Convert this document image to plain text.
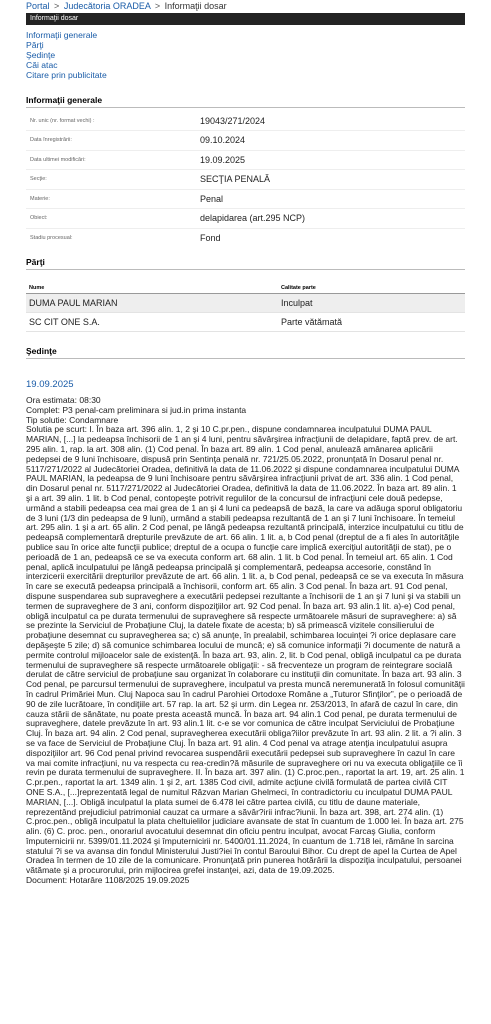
Portal > Judecătoria ORADEA > Informaţii dosar
Informaţii dosar
Informaţii generale
Părţi
Şedinţe
Căi atac
Citare prin publicitate
Informaţii generale
Nr. unic (nr. format vechi) :	19043/271/2024
Data înregistrării:	09.10.2024
Data ultimei modificări:	19.09.2025
Secţie:	SECŢIA PENALĂ
Materie:	Penal
Obiect:	delapidarea (art.295 NCP)
Stadiu procesual:	Fond
Părţi
Nume	Calitate parte
DUMA PAUL MARIAN	Inculpat
SC CIT ONE S.A.	Parte vătămată
Şedinţe
19.09.2025
Ora estimata: 08:30
Complet: P3 penal-cam preliminara si jud.in prima instanta
Tip solutie: Condamnare
Solutia pe scurt: I. În baza art. 396 alin. 1, 2 şi 10 C.pr.pen., dispune condamnarea inculpatului DUMA PAUL MARIAN, [...] la pedeapsa închisorii de 1 an şi 4 luni, pentru săvârşirea infracţiunii de delapidare, faptă prev. de art. 295 alin. 1, rap. la art. 308 alin. (1) Cod penal. În baza art. 89 alin. 1 Cod penal, anulează amânarea aplicării pedepsei de 9 luni închisoare, dispusă prin Sentinţa penală nr. 721/25.05.2022, pronunţată în Dosarul penal nr. 5117/271/2022 al Judecătoriei Oradea, definitivă la data de 11.06.2022 şi dispune condamnarea inculpatului DUMA PAUL MARIAN, la pedeapsa de 9 luni închisoare pentru săvârşirea infracţiunii privat de art. 336 alin. 1 Cod penal, din Dosarul penal nr. 5117/271/2022 al Judecătoriei Oradea, definitivă la data de 11.06.2022. În baza art. 89 alin. 1 şi a art. 39 alin. 1 lit. b Cod penal, contopeşte potrivit regulilor de la concursul de infracţiuni cele două pedepse, urmând a stabili pedeapsa cea mai grea de 1 an şi 4 luni ca pedeapsă de bază, la care va adăuga sporul obligatoriu de 3 luni (1/3 din pedeapsa de 9 luni), urmând a stabili pedeapsa rezultantă de 1 an şi 7 luni închisoare. În temeiul art. 295 alin. 1 şi a art. 65 alin. 2 Cod penal, pe lângă pedeapsa rezultantă principală, interzice inculpatului cu titlu de pedeapsă complementară drepturile prevăzute de art. 66 alin. 1 lit. a, b Cod penal (dreptul de a fi ales în autorităţile publice sau în orice alte funcţii publice; dreptul de a ocupa o funcţie care implică exerciţiul autorităţii de stat), pe o perioadă de 1 an, pedeapsă ce se va executa conform art. 68 alin. 1 lit. b Cod penal. În temeiul art. 65 alin. 1 Cod penal, aplică inculpatului pe lângă pedeapsa principală şi complementară, pedeapsa accesorie, constând în interzicerii exercitării drepturilor prevăzute de art. 66 alin. 1 lit. a, b Cod penal, pedeapsă ce se va executa în măsura în care se execută pedeapsa principală a închisorii, conform art. 65 alin. 3 Cod penal. În baza art. 91 Cod penal, dispune suspendarea sub supraveghere a executării pedepsei rezultante a închisorii de 1 an şi 7 luni şi va stabili un termen de supraveghere de 3 ani, conform dispoziţiilor art. 92 Cod penal. În baza art. 93 alin.1 lit. a)-e) Cod penal, obligă inculpatul ca pe durata termenului de supraveghere să respecte următoarele măsuri de supraveghere: a) să se prezinte la Serviciul de Probaţiune Cluj, la datele fixate de acesta; b) să primească vizitele consilierului de probaţiune desemnat cu supravegherea sa; c) să anunţe, în prealabil, schimbarea locuinţei ?i orice deplasare care depăşeşte 5 zile; d) să comunice schimbarea locului de muncă; e) să comunice informaţii ?i documente de natură a permite controlul mijloacelor sale de existenţă. În baza art. 93, alin. 2, lit. b Cod penal, obligă inculpatul ca pe durata termenului de supraveghere să respecte următoarele obligaţii: - să frecventeze un program de reintegrare socială derulat de către serviciul de probaţiune sau organizat în colaborare cu instituţii din comunitate. În baza art. 93 alin. 3 Cod penal, pe parcursul termenului de supraveghere, inculpatul va presta muncă neremunerată în folosul comunităţii în cadrul Primăriei Mun. Cluj Napoca sau în cadrul Parohiei Ortodoxe Române a „Tuturor Sfinţilor”, pe o perioadă de 90 de zile lucrătoare, în condiţiile art. 57 rap. la art. 52 şi urm. din Legea nr. 253/2013, în afară de cazul în care, din cauza stării de sănătate, nu poate presta această muncă. În baza art. 94 alin.1 Cod penal, pe durata termenului de supraveghere, datele prevăzute în art. 93 alin.1 lit. c-e se vor comunica de către inculpat Serviciului de Probaţiune Cluj. În baza art. 94 alin. 2 Cod penal, supravegherea executării obliga?iilor prevăzute în art. 93 alin. 2 lit. a ?i alin. 3 se va face de Serviciul de Probaţiune Cluj. În baza art. 91 alin. 4 Cod penal va atrage atenţia inculpatului asupra dispoziţiilor art. 96 Cod penal privind revocarea suspendării executării pedepsei sub supraveghere în cazul în care va mai comite infracţiuni, nu va respecta cu rea-credin?ă măsurile de supraveghere ori nu va executa obligaţiile ce îi revin pe durata termenului de supraveghere. II. În baza art. 397 alin. (1) C.proc.pen., raportat la art. 19, art. 25 alin. 1 C.pr.pen., raportat la art. 1349 alin. 1 şi 2, art. 1385 Cod civil, admite acţiune civilă formulată de partea civilă CIT ONE S.A., [...]reprezentată legal de numitul Răzvan Marian Ghelmeci, în contradictoriu cu inculpatul DUMA PAUL MARIAN, [...]. Obligă inculpatul la plata sumei de 6.478 lei către partea civilă, cu titlu de daune materiale, reprezentând prejudiciul patrimonial cauzat ca urmare a săvâr?irii infrac?iunii. În baza art. 398, art. 274 alin. (1) C.proc.pen., obligă inculpatul la plata cheltuielilor judiciare avansate de stat în cuantum de 1.000 lei. În baza art. 275 alin. (6) C. proc. pen., onorariul avocatului desemnat din oficiu pentru inculpat, avocat Farcaş Giulia, conform împuternicirii nr. 5399/01.11.2024 şi împuternicirii nr. 5400/01.11.2024, în cuantum de 1.718 lei, rămâne în sarcina statului ?i se va avansa din fondul Ministerului Justi?iei în contul Baroului Bihor. Cu drept de apel la Curtea de Apel Oradea în termen de 10 zile de la comunicare. Pronunţată prin punerea hotărârii la dispoziţia inculpatului, persoanei vătămate şi a procurorului, prin mijlocirea grefei instanţei, azi, data de 19.09.2025.
Document: Hotarâre 1108/2025 19.09.2025
